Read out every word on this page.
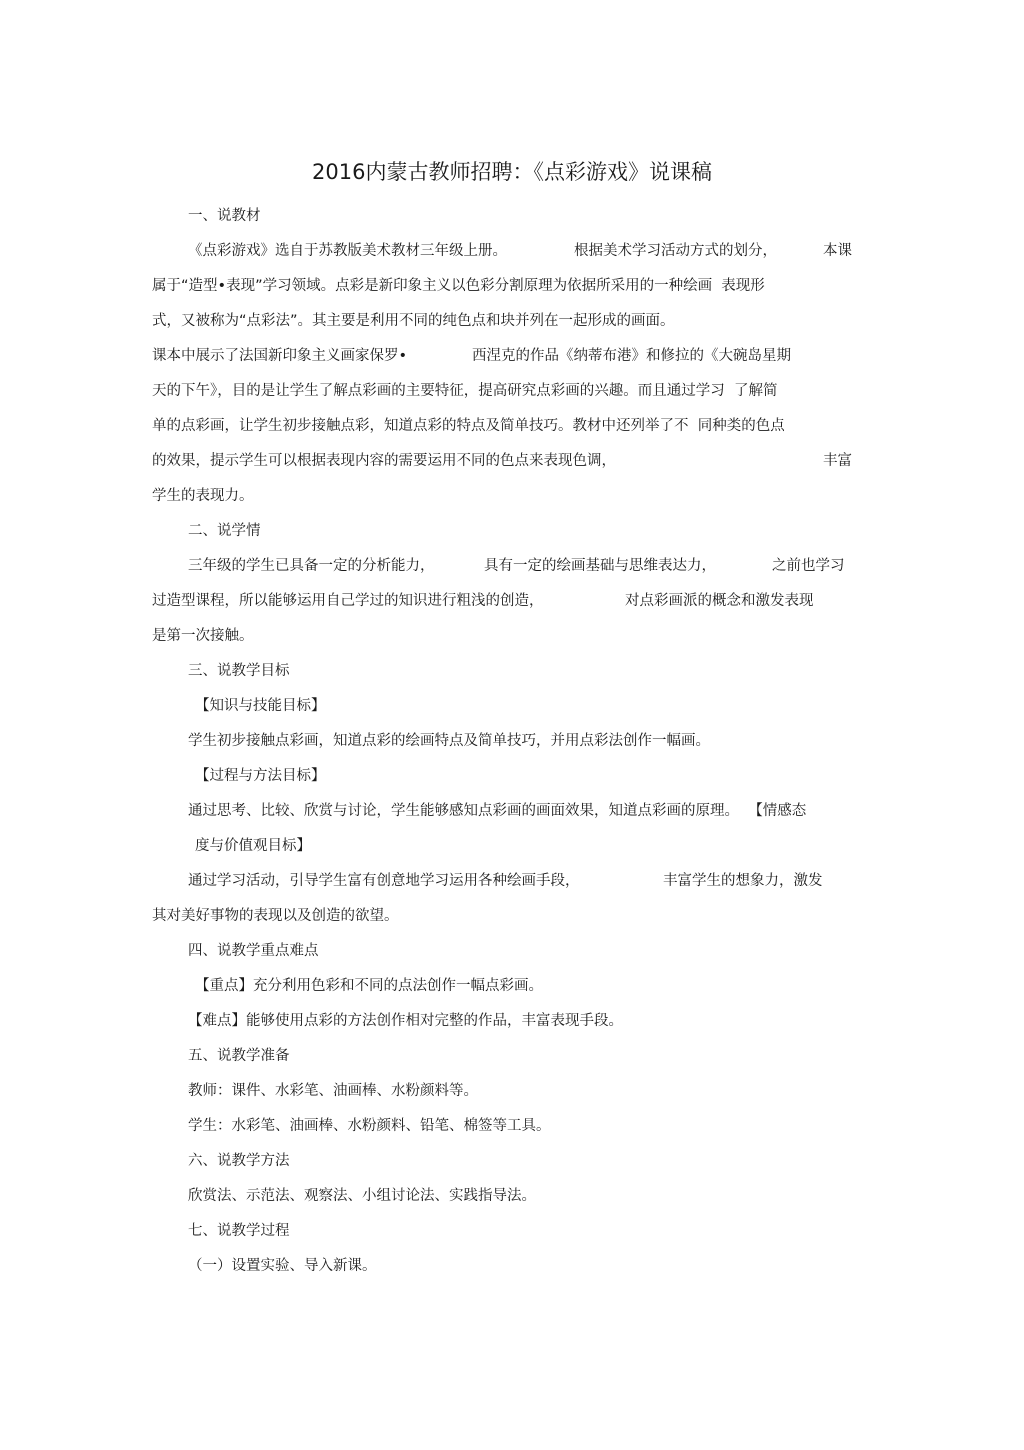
2016内蒙古教师招聘：《点彩游戏》说课稿
一、说教材
《点彩游戏》选自于苏教版美术教材三年级上册。	根据美术学习活动方式的划分，	本课
属于“造型•表现”学习领域。点彩是新印象主义以色彩分割原理为依据所采用的一种绘画  表现形
式，又被称为“点彩法”。其主要是利用不同的纯色点和块并列在一起形成的画面。
课本中展示了法国新印象主义画家保罗•	西涅克的作品《纳蒂布港》和修拉的《大碗岛星期
天的下午》，目的是让学生了解点彩画的主要特征，提高研究点彩画的兴趣。而且通过学习  了解简
单的点彩画，让学生初步接触点彩，知道点彩的特点及简单技巧。教材中还列举了不  同种类的色点
的效果，提示学生可以根据表现内容的需要运用不同的色点来表现色调，	丰富
学生的表现力。
二、说学情
三年级的学生已具备一定的分析能力，	具有一定的绘画基础与思维表达力，	之前也学习
过造型课程，所以能够运用自己学过的知识进行粗浅的创造，	对点彩画派的概念和激发表现
是第一次接触。
三、说教学目标
【知识与技能目标】
学生初步接触点彩画，知道点彩的绘画特点及简单技巧，并用点彩法创作一幅画。
【过程与方法目标】
通过思考、比较、欣赏与讨论，学生能够感知点彩画的画面效果，知道点彩画的原理。  【情感态
度与价值观目标】
通过学习活动，引导学生富有创意地学习运用各种绘画手段，	丰富学生的想象力，激发
其对美好事物的表现以及创造的欲望。
四、说教学重点难点
【重点】充分利用色彩和不同的点法创作一幅点彩画。
【难点】能够使用点彩的方法创作相对完整的作品，丰富表现手段。
五、说教学准备
教师：课件、水彩笔、油画棒、水粉颜料等。
学生：水彩笔、油画棒、水粉颜料、铅笔、棉签等工具。
六、说教学方法
欣赏法、示范法、观察法、小组讨论法、实践指导法。
七、说教学过程
（一）设置实验、导入新课。
